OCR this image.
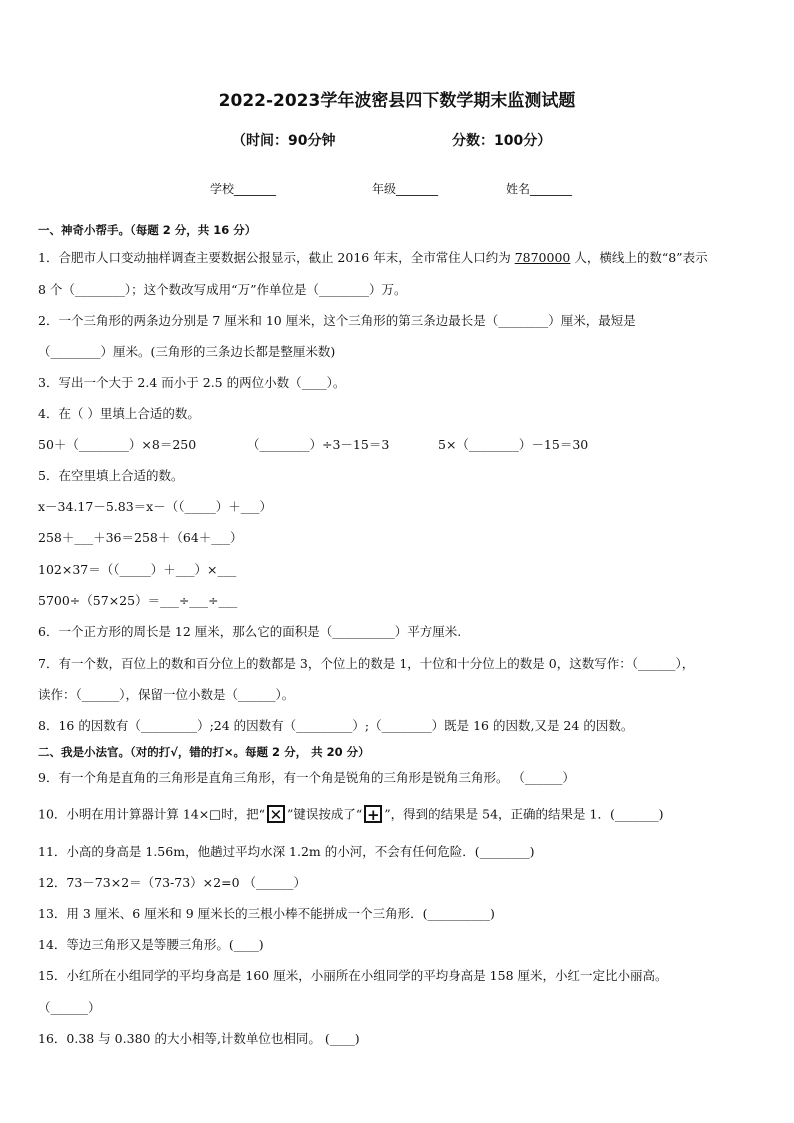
2022-2023学年波密县四下数学期末监测试题
（时间：90分钟	分数：100分）
学校_______	年级_______	姓名_______
一、神奇小帮手。（每题 2 分，共 16 分）
1．合肥市人口变动抽样调查主要数据公报显示，截止 2016 年末，全市常住人口约为 7870000 人，横线上的数“8”表示
8 个（________）；这个数改写成用“万”作单位是（________）万。
2．一个三角形的两条边分别是 7 厘米和 10 厘米，这个三角形的第三条边最长是（________）厘米，最短是
（________）厘米。(三角形的三条边长都是整厘米数)
3．写出一个大于 2.4 而小于 2.5 的两位小数（____）。
4．在（ ）里填上合适的数。
50＋（________）×8＝250	（________）÷3－15＝3	5×（________）－15＝30
5．在空里填上合适的数。
x－34.17－5.83＝x－（（_____）＋___）
258＋___＋36＝258＋（64＋___）
102×37＝（（_____）＋___）×___
5700÷（57×25）＝___÷___÷___
6．一个正方形的周长是 12 厘米，那么它的面积是（__________）平方厘米.
7．有一个数，百位上的数和百分位上的数都是 3，个位上的数是 1，十位和十分位上的数是 0，这数写作：（______），
读作：（______），保留一位小数是（______）。
8．16 的因数有（_________）;24 的因数有（_________）;（________）既是 16 的因数,又是 24 的因数。
二、我是小法官。（对的打√，错的打×。每题 2 分， 共 20 分）
9．有一个角是直角的三角形是直角三角形，有一个角是锐角的三角形是锐角三角形。 （______）
10．小明在用计算器计算 14×□时，把“ ✕ ”键误按成了“ + ”，得到的结果是 54，正确的结果是 1．(_______)
11．小高的身高是 1.56m，他趟过平均水深 1.2m 的小河，不会有任何危险．(________)
12．73－73×2＝（73-73）×2=0 （______）
13．用 3 厘米、6 厘米和 9 厘米长的三根小棒不能拼成一个三角形．(__________)
14．等边三角形又是等腰三角形。(____)
15．小红所在小组同学的平均身高是 160 厘米，小丽所在小组同学的平均身高是 158 厘米，小红一定比小丽高。
（______）
16．0.38 与 0.380 的大小相等,计数单位也相同。 (____)
